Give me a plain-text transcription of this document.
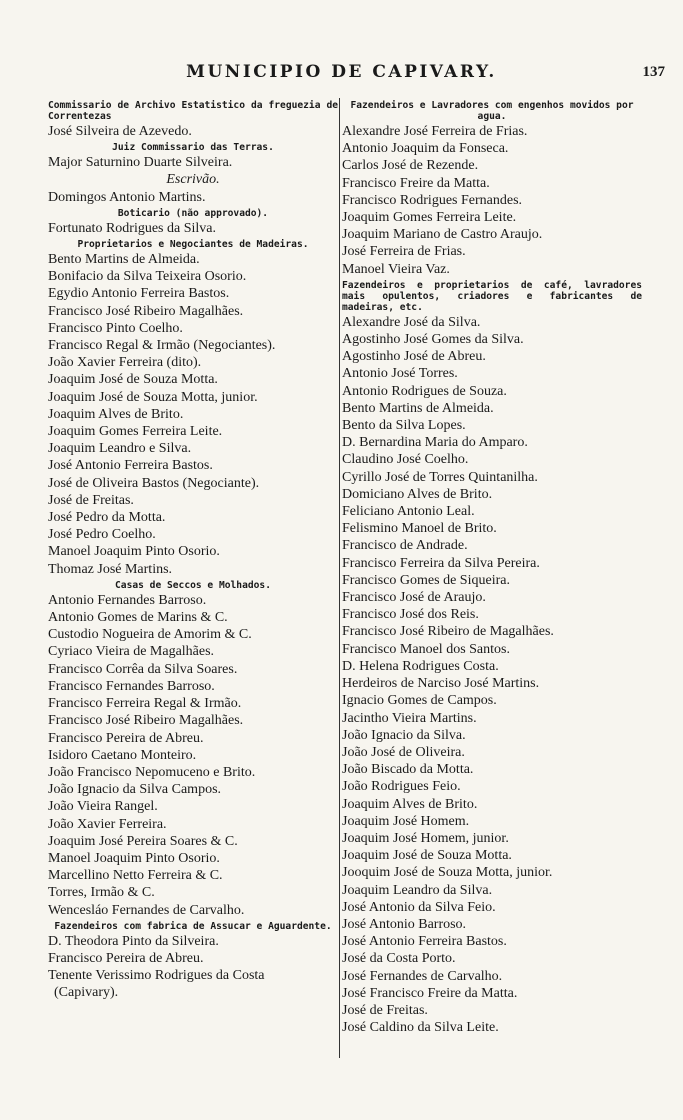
MUNICIPIO DE CAPIVARY.	137
Commissario de Archivo Estatistico da freguezia de Correntezas
José Silveira de Azevedo.
Juiz Commissario das Terras.
Major Saturnino Duarte Silveira.
Escrivão.
Domingos Antonio Martins.
Boticario (não approvado).
Fortunato Rodrigues da Silva.
Proprietarios e Negociantes de Madeiras.
Bento Martins de Almeida.
Bonifacio da Silva Teixeira Osorio.
Egydio Antonio Ferreira Bastos.
Francisco José Ribeiro Magalhães.
Francisco Pinto Coelho.
Francisco Regal & Irmão (Negociantes).
João Xavier Ferreira (dito).
Joaquim José de Souza Motta.
Joaquim José de Souza Motta, junior.
Joaquim Alves de Brito.
Joaquim Gomes Ferreira Leite.
Joaquim Leandro e Silva.
José Antonio Ferreira Bastos.
José de Oliveira Bastos (Negociante).
José de Freitas.
José Pedro da Motta.
José Pedro Coelho.
Manoel Joaquim Pinto Osorio.
Thomaz José Martins.
Casas de Seccos e Molhados.
Antonio Fernandes Barroso.
Antonio Gomes de Marins & C.
Custodio Nogueira de Amorim & C.
Cyriaco Vieira de Magalhães.
Francisco Corrêa da Silva Soares.
Francisco Fernandes Barroso.
Francisco Ferreira Regal & Irmão.
Francisco José Ribeiro Magalhães.
Francisco Pereira de Abreu.
Isidoro Caetano Monteiro.
João Francisco Nepomuceno e Brito.
João Ignacio da Silva Campos.
João Vieira Rangel.
João Xavier Ferreira.
Joaquim José Pereira Soares & C.
Manoel Joaquim Pinto Osorio.
Marcellino Netto Ferreira & C.
Torres, Irmão & C.
Wencesláo Fernandes de Carvalho.
Fazendeiros com fabrica de Assucar e Aguardente.
D. Theodora Pinto da Silveira.
Francisco Pereira de Abreu.
Tenente Verissimo Rodrigues da Costa
(Capivary).
Fazendeiros e Lavradores com engenhos movidos por agua.
Alexandre José Ferreira de Frias.
Antonio Joaquim da Fonseca.
Carlos José de Rezende.
Francisco Freire da Matta.
Francisco Rodrigues Fernandes.
Joaquim Gomes Ferreira Leite.
Joaquim Mariano de Castro Araujo.
José Ferreira de Frias.
Manoel Vieira Vaz.
Fazendeiros e proprietarios de café, lavradores mais opulentos, criadores e fabricantes de madeiras, etc.
Alexandre José da Silva.
Agostinho José Gomes da Silva.
Agostinho José de Abreu.
Antonio José Torres.
Antonio Rodrigues de Souza.
Bento Martins de Almeida.
Bento da Silva Lopes.
D. Bernardina Maria do Amparo.
Claudino José Coelho.
Cyrillo José de Torres Quintanilha.
Domiciano Alves de Brito.
Feliciano Antonio Leal.
Felismino Manoel de Brito.
Francisco de Andrade.
Francisco Ferreira da Silva Pereira.
Francisco Gomes de Siqueira.
Francisco José de Araujo.
Francisco José dos Reis.
Francisco José Ribeiro de Magalhães.
Francisco Manoel dos Santos.
D. Helena Rodrigues Costa.
Herdeiros de Narciso José Martins.
Ignacio Gomes de Campos.
Jacintho Vieira Martins.
João Ignacio da Silva.
João José de Oliveira.
João Biscado da Motta.
João Rodrigues Feio.
Joaquim Alves de Brito.
Joaquim José Homem.
Joaquim José Homem, junior.
Joaquim José de Souza Motta.
Jooquim José de Souza Motta, junior.
Joaquim Leandro da Silva.
José Antonio da Silva Feio.
José Antonio Barroso.
José Antonio Ferreira Bastos.
José da Costa Porto.
José Fernandes de Carvalho.
José Francisco Freire da Matta.
José de Freitas.
José Caldino da Silva Leite.
